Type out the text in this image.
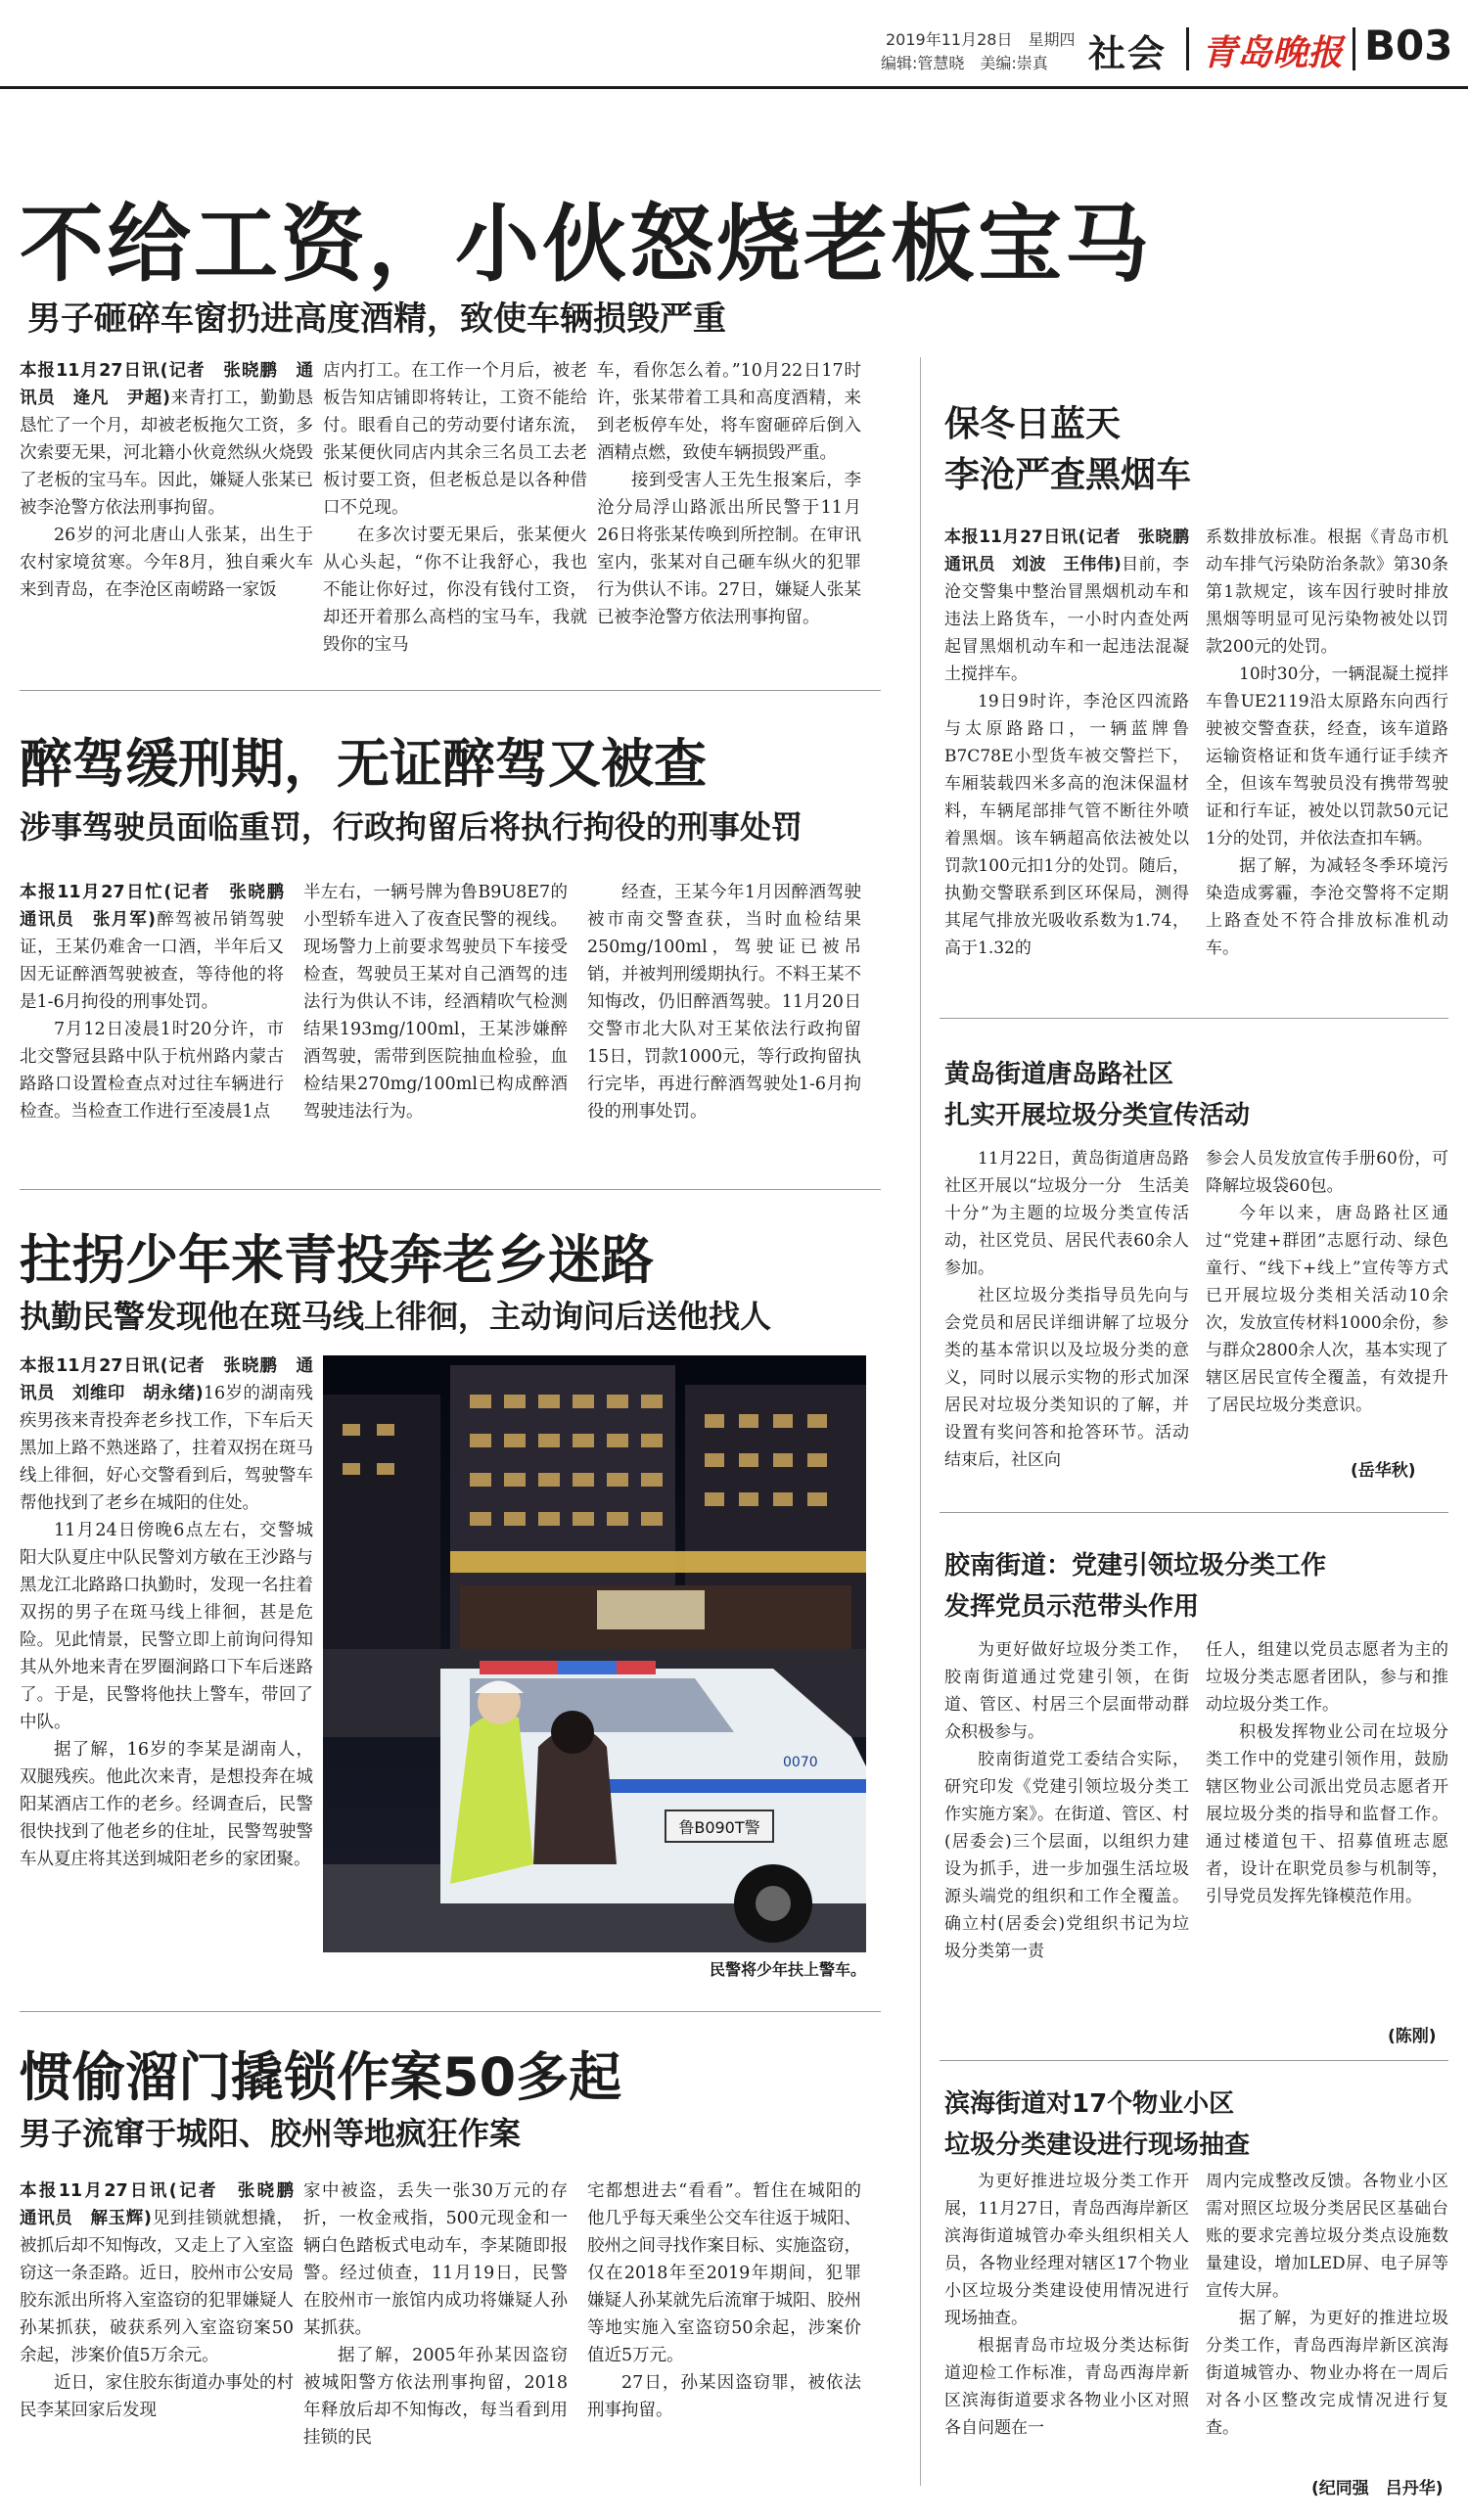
2019年11月28日　星期四
编辑:管慧晓　美编:崇真 社会 青岛晚报 B03
不给工资，小伙怒烧老板宝马
男子砸碎车窗扔进高度酒精，致使车辆损毁严重

本报11月27日讯(记者　张晓鹏　通讯员　逄凡　尹超)来青打工，勤勤恳恳忙了一个月，却被老板拖欠工资，多次索要无果，河北籍小伙竟然纵火烧毁了老板的宝马车。因此，嫌疑人张某已被李沧警方依法刑事拘留。

26岁的河北唐山人张某，出生于农村家境贫寒。今年8月，独自乘火车来到青岛，在李沧区南崂路一家饭

店内打工。在工作一个月后，被老板告知店铺即将转让，工资不能给付。眼看自己的劳动要付诸东流，张某便伙同店内其余三名员工去老板讨要工资，但老板总是以各种借口不兑现。

在多次讨要无果后，张某便火从心头起，“你不让我舒心，我也不能让你好过，你没有钱付工资，却还开着那么高档的宝马车，我就毁你的宝马

车，看你怎么着。”10月22日17时许，张某带着工具和高度酒精，来到老板停车处，将车窗砸碎后倒入酒精点燃，致使车辆损毁严重。

接到受害人王先生报案后，李沧分局浮山路派出所民警于11月26日将张某传唤到所控制。在审讯室内，张某对自己砸车纵火的犯罪行为供认不讳。27日，嫌疑人张某已被李沧警方依法刑事拘留。

醉驾缓刑期，无证醉驾又被查
涉事驾驶员面临重罚，行政拘留后将执行拘役的刑事处罚

本报11月27日忙(记者　张晓鹏　通讯员　张月军)醉驾被吊销驾驶证，王某仍难舍一口酒，半年后又因无证醉酒驾驶被查，等待他的将是1-6月拘役的刑事处罚。

7月12日凌晨1时20分许，市北交警冠县路中队于杭州路内蒙古路路口设置检查点对过往车辆进行检查。当检查工作进行至凌晨1点

半左右，一辆号牌为鲁B9U8E7的小型轿车进入了夜查民警的视线。现场警力上前要求驾驶员下车接受检查，驾驶员王某对自己酒驾的违法行为供认不讳，经酒精吹气检测结果193mg/100ml，王某涉嫌醉酒驾驶，需带到医院抽血检验，血检结果270mg/100ml已构成醉酒驾驶违法行为。

经查，王某今年1月因醉酒驾驶被市南交警查获，当时血检结果250mg/100ml，驾驶证已被吊销，并被判刑缓期执行。不料王某不知悔改，仍旧醉酒驾驶。11月20日交警市北大队对王某依法行政拘留15日，罚款1000元，等行政拘留执行完毕，再进行醉酒驾驶处1-6月拘役的刑事处罚。

拄拐少年来青投奔老乡迷路
执勤民警发现他在斑马线上徘徊，主动询问后送他找人

本报11月27日讯(记者　张晓鹏　通讯员　刘维印　胡永绪)16岁的湖南残疾男孩来青投奔老乡找工作，下车后天黑加上路不熟迷路了，拄着双拐在斑马线上徘徊，好心交警看到后，驾驶警车帮他找到了老乡在城阳的住处。

11月24日傍晚6点左右，交警城阳大队夏庄中队民警刘方敏在王沙路与黑龙江北路路口执勤时，发现一名拄着双拐的男子在斑马线上徘徊，甚是危险。见此情景，民警立即上前询问得知其从外地来青在罗圈涧路口下车后迷路了。于是，民警将他扶上警车，带回了中队。

据了解，16岁的李某是湖南人，双腿残疾。他此次来青，是想投奔在城阳某酒店工作的老乡。经调查后，民警很快找到了他老乡的住址，民警驾驶警车从夏庄将其送到城阳老乡的家团聚。

鲁B090T警
0070
民警将少年扶上警车。
惯偷溜门撬锁作案50多起
男子流窜于城阳、胶州等地疯狂作案

本报11月27日讯(记者　张晓鹏　通讯员　解玉辉)见到挂锁就想撬，被抓后却不知悔改，又走上了入室盗窃这一条歪路。近日，胶州市公安局胶东派出所将入室盗窃的犯罪嫌疑人孙某抓获，破获系列入室盗窃案50余起，涉案价值5万余元。

近日，家住胶东街道办事处的村民李某回家后发现

家中被盗，丢失一张30万元的存折，一枚金戒指，500元现金和一辆白色踏板式电动车，李某随即报警。经过侦查，11月19日，民警在胶州市一旅馆内成功将嫌疑人孙某抓获。

据了解，2005年孙某因盗窃被城阳警方依法刑事拘留，2018年释放后却不知悔改，每当看到用挂锁的民

宅都想进去“看看”。暂住在城阳的他几乎每天乘坐公交车往返于城阳、胶州之间寻找作案目标、实施盗窃，仅在2018年至2019年期间，犯罪嫌疑人孙某就先后流窜于城阳、胶州等地实施入室盗窃50余起，涉案价值近5万元。

27日，孙某因盗窃罪，被依法刑事拘留。

保冬日蓝天
李沧严查黑烟车

本报11月27日讯(记者　张晓鹏　通讯员　刘波　王伟伟)目前，李沧交警集中整治冒黑烟机动车和违法上路货车，一小时内查处两起冒黑烟机动车和一起违法混凝土搅拌车。

19日9时许，李沧区四流路与太原路路口，一辆蓝牌鲁B7C78E小型货车被交警拦下，车厢装载四米多高的泡沫保温材料，车辆尾部排气管不断往外喷着黑烟。该车辆超高依法被处以罚款100元扣1分的处罚。随后，执勤交警联系到区环保局，测得其尾气排放光吸收系数为1.74，高于1.32的

系数排放标准。根据《青岛市机动车排气污染防治条款》第30条第1款规定，该车因行驶时排放黑烟等明显可见污染物被处以罚款200元的处罚。

10时30分，一辆混凝土搅拌车鲁UE2119沿太原路东向西行驶被交警查获，经查，该车道路运输资格证和货车通行证手续齐全，但该车驾驶员没有携带驾驶证和行车证，被处以罚款50元记1分的处罚，并依法查扣车辆。

据了解，为减轻冬季环境污染造成雾霾，李沧交警将不定期上路查处不符合排放标准机动车。

黄岛街道唐岛路社区
扎实开展垃圾分类宣传活动

11月22日，黄岛街道唐岛路社区开展以“垃圾分一分　生活美十分”为主题的垃圾分类宣传活动，社区党员、居民代表60余人参加。

社区垃圾分类指导员先向与会党员和居民详细讲解了垃圾分类的基本常识以及垃圾分类的意义，同时以展示实物的形式加深居民对垃圾分类知识的了解，并设置有奖问答和抢答环节。活动结束后，社区向

参会人员发放宣传手册60份，可降解垃圾袋60包。

今年以来，唐岛路社区通过“党建+群团”志愿行动、绿色童行、“线下+线上”宣传等方式已开展垃圾分类相关活动10余次，发放宣传材料1000余份，参与群众2800余人次，基本实现了辖区居民宣传全覆盖，有效提升了居民垃圾分类意识。

(岳华秋)
胶南街道：党建引领垃圾分类工作
发挥党员示范带头作用

为更好做好垃圾分类工作，胶南街道通过党建引领，在街道、管区、村居三个层面带动群众积极参与。

胶南街道党工委结合实际，研究印发《党建引领垃圾分类工作实施方案》。在街道、管区、村(居委会)三个层面，以组织力建设为抓手，进一步加强生活垃圾源头端党的组织和工作全覆盖。确立村(居委会)党组织书记为垃圾分类第一责

任人，组建以党员志愿者为主的垃圾分类志愿者团队，参与和推动垃圾分类工作。

积极发挥物业公司在垃圾分类工作中的党建引领作用，鼓励辖区物业公司派出党员志愿者开展垃圾分类的指导和监督工作。通过楼道包干、招募值班志愿者，设计在职党员参与机制等，引导党员发挥先锋模范作用。

(陈刚)
滨海街道对17个物业小区
垃圾分类建设进行现场抽查

为更好推进垃圾分类工作开展，11月27日，青岛西海岸新区滨海街道城管办牵头组织相关人员，各物业经理对辖区17个物业小区垃圾分类建设使用情况进行现场抽查。

根据青岛市垃圾分类达标街道迎检工作标准，青岛西海岸新区滨海街道要求各物业小区对照各自问题在一

周内完成整改反馈。各物业小区需对照区垃圾分类居民区基础台账的要求完善垃圾分类点设施数量建设，增加LED屏、电子屏等宣传大屏。

据了解，为更好的推进垃圾分类工作，青岛西海岸新区滨海街道城管办、物业办将在一周后对各小区整改完成情况进行复查。

(纪同强　吕丹华)
